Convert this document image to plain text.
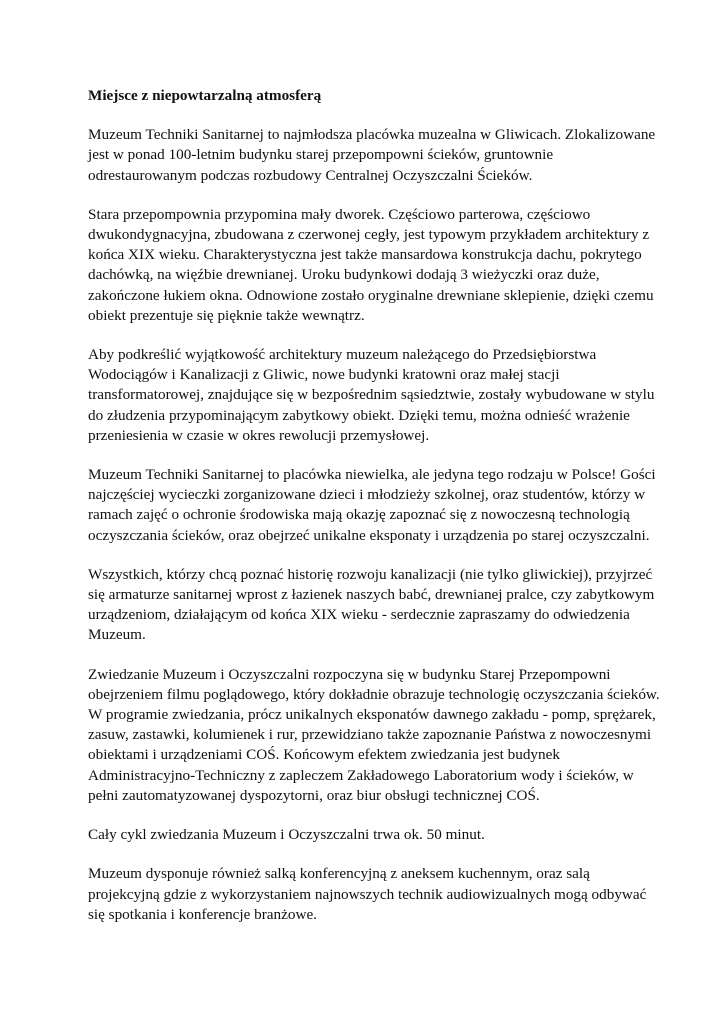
Miejsce z niepowtarzalną atmosferą
Muzeum Techniki Sanitarnej to najmłodsza placówka muzealna w Gliwicach. Zlokalizowane
jest w ponad 100-letnim budynku starej przepompowni ścieków, gruntownie
odrestaurowanym podczas rozbudowy Centralnej Oczyszczalni Ścieków.
Stara przepompownia przypomina mały dworek. Częściowo parterowa, częściowo
dwukondygnacyjna, zbudowana z czerwonej cegły, jest typowym przykładem architektury z
końca XIX wieku. Charakterystyczna jest także mansardowa konstrukcja dachu, pokrytego
dachówką, na więźbie drewnianej. Uroku budynkowi dodają 3 wieżyczki oraz duże,
zakończone łukiem okna. Odnowione zostało oryginalne drewniane sklepienie, dzięki czemu
obiekt prezentuje się pięknie także wewnątrz.
Aby podkreślić wyjątkowość architektury muzeum należącego do Przedsiębiorstwa
Wodociągów i Kanalizacji z Gliwic, nowe budynki kratowni oraz małej stacji
transformatorowej, znajdujące się w bezpośrednim sąsiedztwie, zostały wybudowane w stylu
do złudzenia przypominającym zabytkowy obiekt. Dzięki temu, można odnieść wrażenie
przeniesienia w czasie w okres rewolucji przemysłowej.
Muzeum Techniki Sanitarnej to placówka niewielka, ale jedyna tego rodzaju w Polsce! Gości
najczęściej wycieczki zorganizowane dzieci i młodzieży szkolnej, oraz studentów, którzy w
ramach zajęć o ochronie środowiska mają okazję zapoznać się z nowoczesną technologią
oczyszczania ścieków, oraz obejrzeć unikalne eksponaty i urządzenia po starej oczyszczalni.
Wszystkich, którzy chcą poznać historię rozwoju kanalizacji (nie tylko gliwickiej), przyjrzeć
się armaturze sanitarnej wprost z łazienek naszych babć, drewnianej pralce, czy zabytkowym
urządzeniom, działającym od końca XIX wieku - serdecznie zapraszamy do odwiedzenia
Muzeum.
Zwiedzanie Muzeum i Oczyszczalni rozpoczyna się w budynku Starej Przepompowni
obejrzeniem filmu poglądowego, który dokładnie obrazuje technologię oczyszczania ścieków.
W programie zwiedzania, prócz unikalnych eksponatów dawnego zakładu - pomp, sprężarek,
zasuw, zastawki, kolumienek i rur, przewidziano także zapoznanie Państwa z nowoczesnymi
obiektami i urządzeniami COŚ. Końcowym efektem zwiedzania jest budynek
Administracyjno-Techniczny z zapleczem Zakładowego Laboratorium wody i ścieków, w
pełni zautomatyzowanej dyspozytorni, oraz biur obsługi technicznej COŚ.
Cały cykl zwiedzania Muzeum i Oczyszczalni trwa ok. 50 minut.
Muzeum dysponuje również salką konferencyjną z aneksem kuchennym, oraz salą
projekcyjną gdzie z wykorzystaniem najnowszych technik audiowizualnych mogą odbywać
się spotkania i konferencje branżowe.
